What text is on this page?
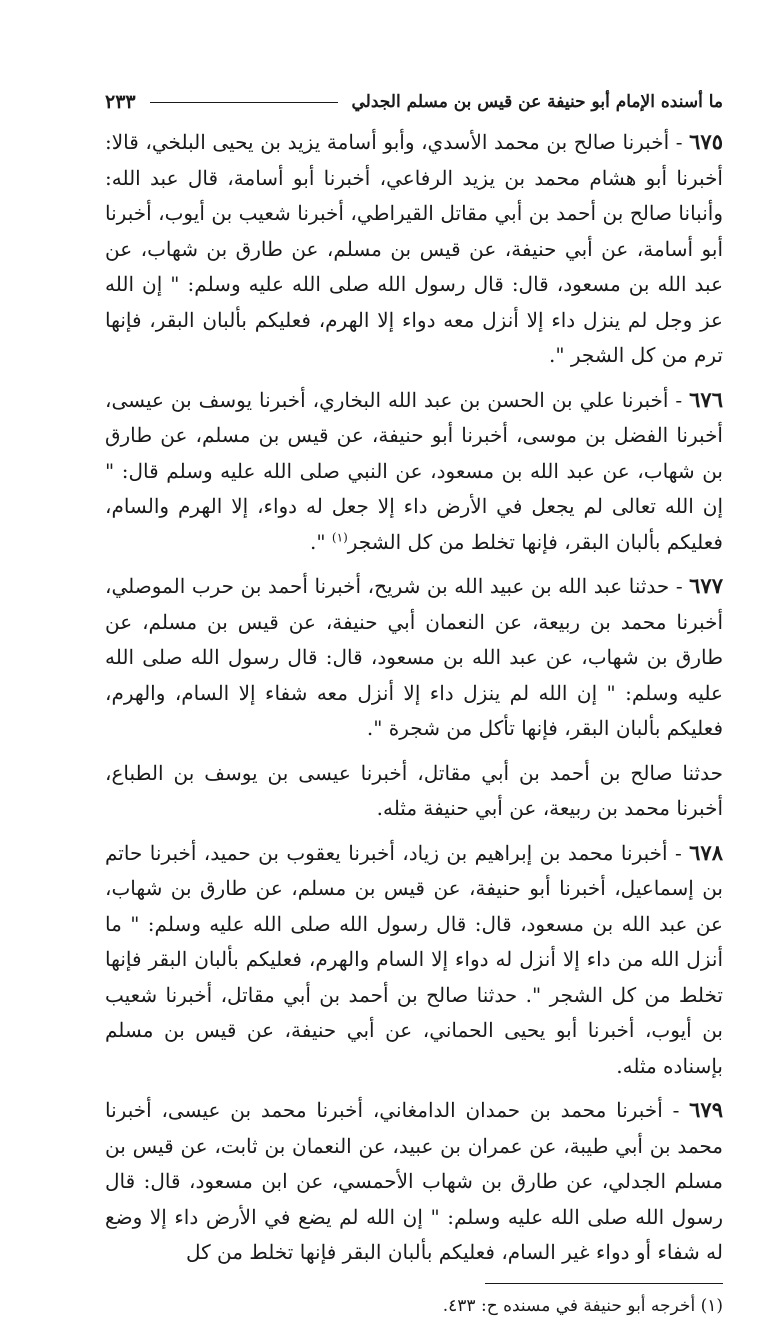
ما أسنده الإمام أبو حنيفة عن قيس بن مسلم الجدلي
٢٣٣

٦٧٥ - أخبرنا صالح بن محمد الأسدي، وأبو أسامة يزيد بن يحيى البلخي، قالا: أخبرنا أبو هشام محمد بن يزيد الرفاعي، أخبرنا أبو أسامة، قال عبد الله: وأنبانا صالح بن أحمد بن أبي مقاتل القيراطي، أخبرنا شعيب بن أيوب، أخبرنا أبو أسامة، عن أبي حنيفة، عن قيس بن مسلم، عن طارق بن شهاب، عن عبد الله بن مسعود، قال: قال رسول الله صلى الله عليه وسلم: " إن الله عز وجل لم ينزل داء إلا أنزل معه دواء إلا الهرم، فعليكم بألبان البقر، فإنها ترم من كل الشجر ".

٦٧٦ - أخبرنا علي بن الحسن بن عبد الله البخاري، أخبرنا يوسف بن عيسى، أخبرنا الفضل بن موسى، أخبرنا أبو حنيفة، عن قيس بن مسلم، عن طارق بن شهاب، عن عبد الله بن مسعود، عن النبي صلى الله عليه وسلم قال: " إن الله تعالى لم يجعل في الأرض داء إلا جعل له دواء، إلا الهرم والسام، فعليكم بألبان البقر، فإنها تخلط من كل الشجر$^{(١)}$ ".

٦٧٧ - حدثنا عبد الله بن عبيد الله بن شريح، أخبرنا أحمد بن حرب الموصلي، أخبرنا محمد بن ربيعة، عن النعمان أبي حنيفة، عن قيس بن مسلم، عن طارق بن شهاب، عن عبد الله بن مسعود، قال: قال رسول الله صلى الله عليه وسلم: " إن الله لم ينزل داء إلا أنزل معه شفاء إلا السام، والهرم، فعليكم بألبان البقر، فإنها تأكل من شجرة ".

حدثنا صالح بن أحمد بن أبي مقاتل، أخبرنا عيسى بن يوسف بن الطباع، أخبرنا محمد بن ربيعة، عن أبي حنيفة مثله.

٦٧٨ - أخبرنا محمد بن إبراهيم بن زياد، أخبرنا يعقوب بن حميد، أخبرنا حاتم بن إسماعيل، أخبرنا أبو حنيفة، عن قيس بن مسلم، عن طارق بن شهاب، عن عبد الله بن مسعود، قال: قال رسول الله صلى الله عليه وسلم: " ما أنزل الله من داء إلا أنزل له دواء إلا السام والهرم، فعليكم بألبان البقر فإنها تخلط من كل الشجر ". حدثنا صالح بن أحمد بن أبي مقاتل، أخبرنا شعيب بن أيوب، أخبرنا أبو يحيى الحماني، عن أبي حنيفة، عن قيس بن مسلم بإسناده مثله.

٦٧٩ - أخبرنا محمد بن حمدان الدامغاني، أخبرنا محمد بن عيسى، أخبرنا محمد بن أبي طيبة، عن عمران بن عبيد، عن النعمان بن ثابت، عن قيس بن مسلم الجدلي، عن طارق بن شهاب الأحمسي، عن ابن مسعود، قال: قال رسول الله صلى الله عليه وسلم: " إن الله لم يضع في الأرض داء إلا وضع له شفاء أو دواء غير السام، فعليكم بألبان البقر فإنها تخلط من كل

(١) أخرجه أبو حنيفة في مسنده ح: ٤٣٣.
